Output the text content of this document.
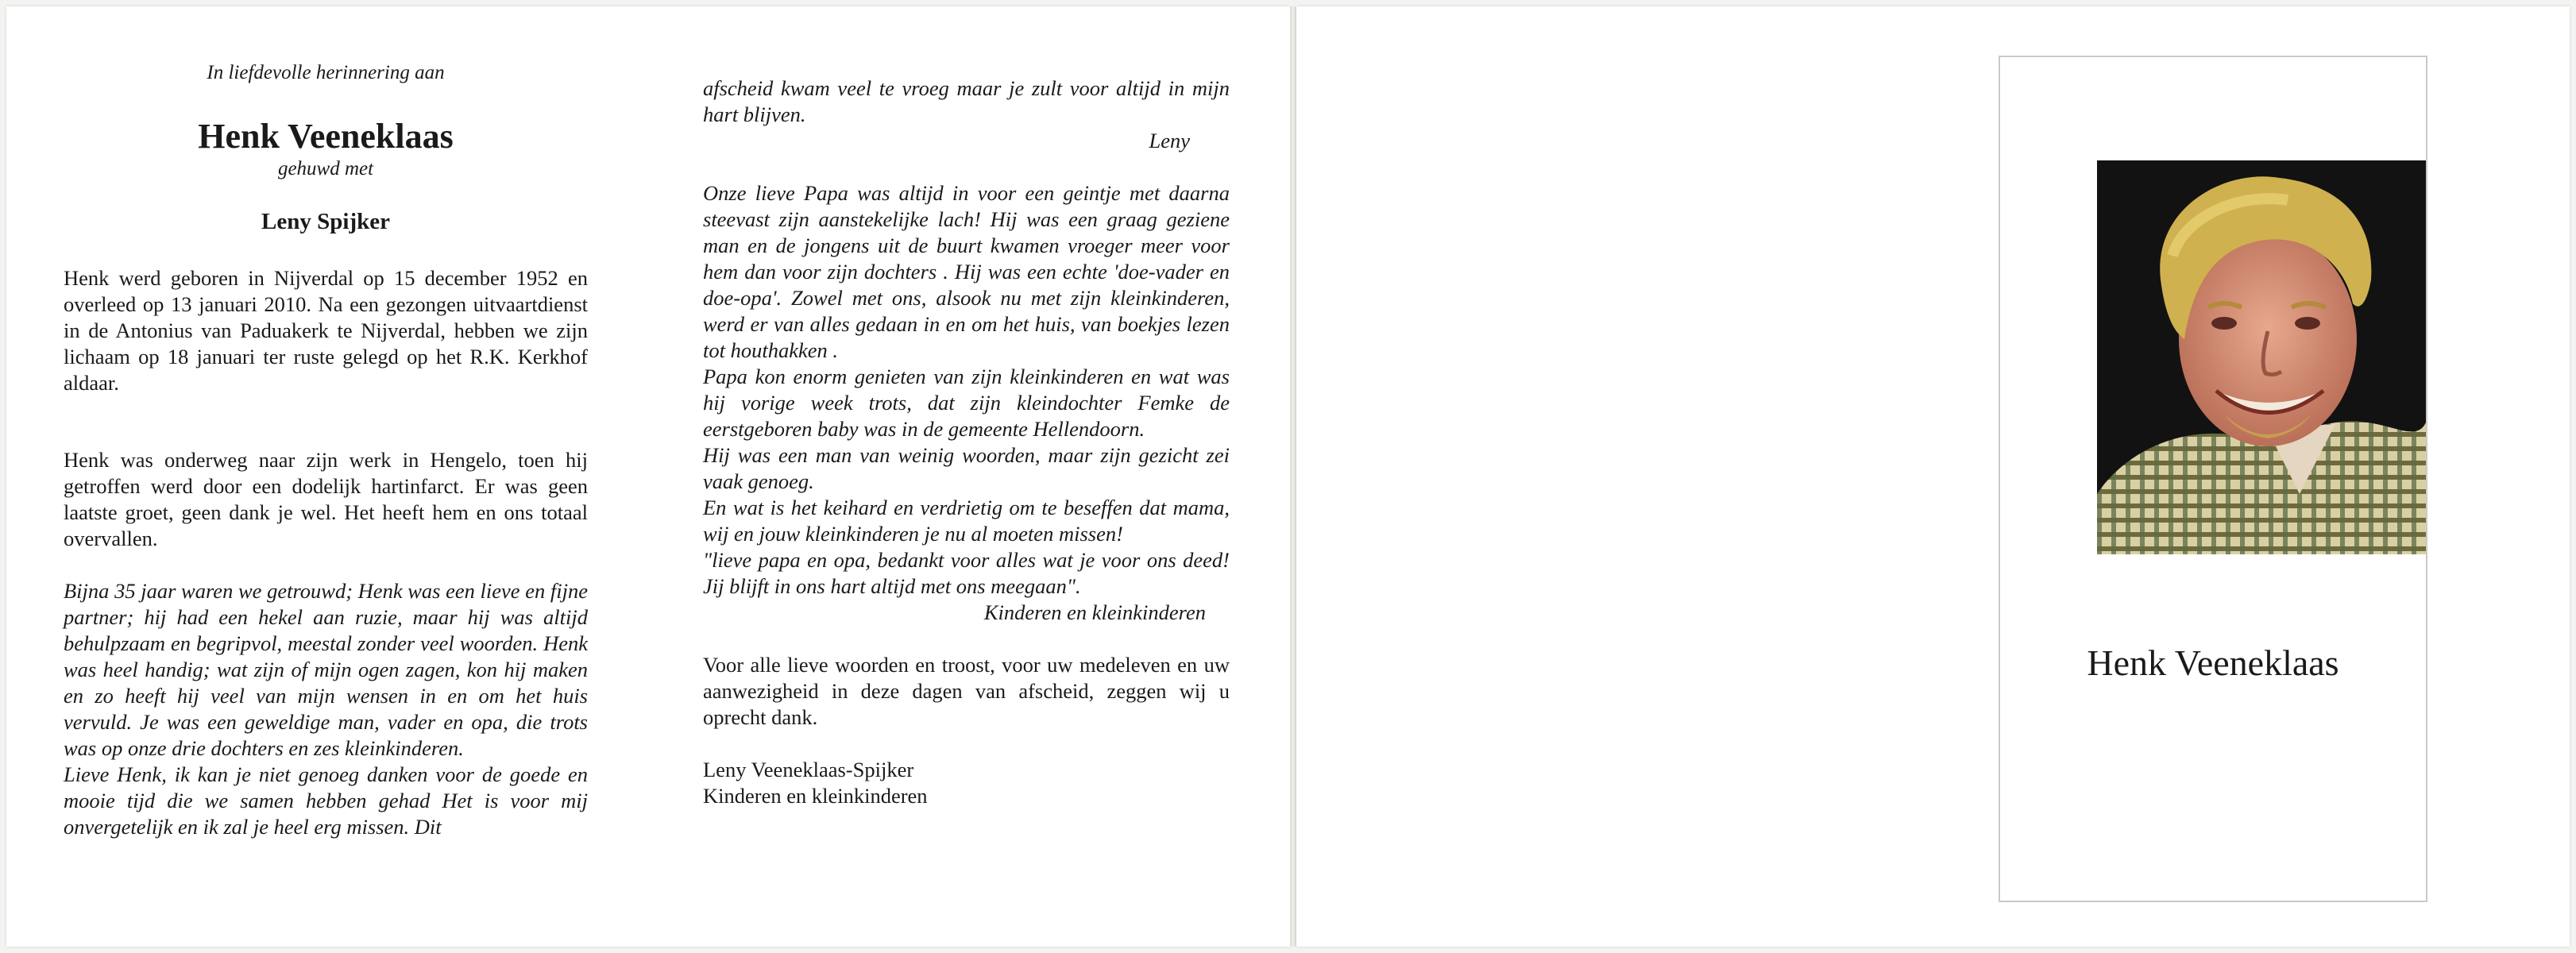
In liefdevolle herinnering aan
Henk Veeneklaas
gehuwd met
Leny Spijker

Henk werd geboren in Nijverdal op 15 december 1952 en overleed op 13 januari 2010. Na een gezongen uitvaartdienst in de Antonius van Paduakerk te Nijverdal, hebben we zijn lichaam op 18 januari ter ruste gelegd op het R.K. Kerkhof aldaar.

Henk was onderweg naar zijn werk in Hengelo, toen hij getroffen werd door een dodelijk hartinfarct. Er was geen laatste groet, geen dank je wel. Het heeft hem en ons totaal overvallen.

Bijna 35 jaar waren we getrouwd; Henk was een lieve en fijne partner; hij had een hekel aan ruzie, maar hij was altijd behulpzaam en begripvol, meestal zonder veel woorden. Henk was heel handig; wat zijn of mijn ogen zagen, kon hij maken en zo heeft hij veel van mijn wensen in en om het huis vervuld. Je was een geweldige man, vader en opa, die trots was op onze drie dochters en zes kleinkinderen.

Lieve Henk, ik kan je niet genoeg danken voor de goede en mooie tijd die we samen hebben gehad Het is voor mij onvergetelijk en ik zal je heel erg missen. Dit

afscheid kwam veel te vroeg maar je zult voor altijd in mijn hart blijven.

Leny

Onze lieve Papa was altijd in voor een geintje met daarna steevast zijn aanstekelijke lach! Hij was een graag geziene man en de jongens uit de buurt kwamen vroeger meer voor hem dan voor zijn dochters . Hij was een echte 'doe-vader en doe-opa'. Zowel met ons, alsook nu met zijn kleinkinderen, werd er van alles gedaan in en om het huis, van boekjes lezen tot houthakken .

Papa kon enorm genieten van zijn kleinkinderen en wat was hij vorige week trots, dat zijn kleindochter Femke de eerstgeboren baby was in de gemeente Hellendoorn.

Hij was een man van weinig woorden, maar zijn gezicht zei vaak genoeg.

En wat is het keihard en verdrietig om te beseffen dat mama, wij en jouw kleinkinderen je nu al moeten missen!

"lieve papa en opa, bedankt voor alles wat je voor ons deed! Jij blijft in ons hart altijd met ons meegaan".

Kinderen en kleinkinderen

Voor alle lieve woorden en troost, voor uw medeleven en uw aanwezigheid in deze dagen van afscheid, zeggen wij u oprecht dank.

Leny Veeneklaas-Spijker

Kinderen en kleinkinderen

Henk Veeneklaas
